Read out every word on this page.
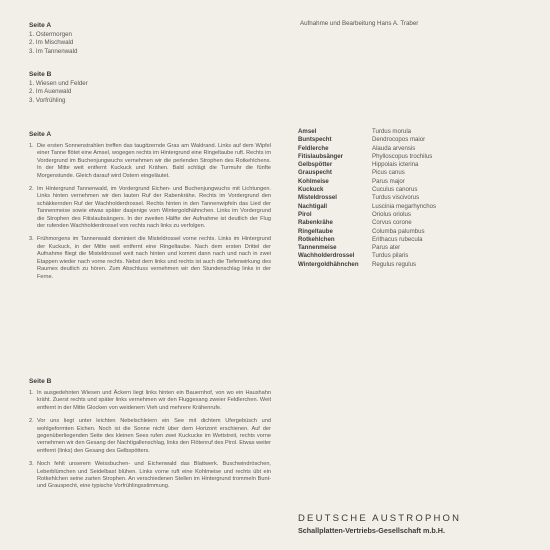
Aufnahme und Bearbeitung Hans A. Traber
Seite A
1. Ostermorgen
2. Im Mischwald
3. Im Tannenwald
Seite B
1. Wiesen und Felder
2. Im Auenwald
3. Vorfrühling
Seite A
1. Die ersten Sonnenstrahlen treffen das taugitzernde Gras am Waldrand. Links auf dem Wipfel einer Tanne flötet eine Amsel, wogegen rechts im Hintergrund eine Ringeltaube ruft. Rechts im Vordergrund im Buchenjungwuchs vernehmen wir die perlenden Strophen des Rotkehlchens. In der Mitte weit entfernt Kuckuck und Krähen. Bald schlägt die Turmuhr die fünfte Morgenstunde. Gleich darauf wird Ostern eingeläutet.
2. Im Hintergrund Tannenwald, im Vordergrund Eichen- und Buchenjungwuchs mit Lichtungen. Links hinten vernehmen wir den lauten Ruf der Rabenkrähe. Rechts im Vordergrund den schäkkernden Ruf der Wachholderdrossel. Rechts hinten in den Tannenwipfeln das Lied der Tannenmeise sowie etwas später dasjenige vom Wintergoldhähnchen. Links im Vordergrund die Strophen des Fitislaubsängers. In der zweiten Hälfte der Aufnahme ist deutlich der Flug der rufenden Wachholderdrossel von rechts nach links zu verfolgen.
3. Frühmorgens im Tannenwald dominiert die Misteldrossel vorne rechts. Links im Hintergrund der Kuckuck, in der Mitte weit entfernt eine Ringeltaube. Nach dem ersten Drittel der Aufnahme fliegt die Misteldrossel weit nach hinten und kommt dann nach und nach in zwei Etappen wieder nach vorne rechts. Nebst dem links und rechts ist auch die Tiefenwirkung des Raumes deutlich zu hören. Zum Abschluss vernehmen wir den Stundenschlag links in der Ferne.
Seite B
1. In ausgedehnten Wiesen und Äckern liegt links hinten ein Bauernhof, von wo ein Haushahn kräht. Zuerst rechts und später links vernehmen wir den Fluggesang zweier Feldlerchen. Weit entfernt in der Mitte Glocken von weidenem Vieh und mehrere Krähenrufe.
2. Vor uns liegt unter leichten Nebelschleiern ein See mit dichtem Ufergebüsch und wohlgeformten Eichen. Noch ist die Sonne nicht über dem Horizont erschienen. Auf der gegenüberliegenden Seite des kleinen Sees rufen zwei Kuckucke im Wettstreit, rechts vorne vernehmen wir den Gesang der Nachtigallenschlag, links den Flötenruf des Pirol. Etwas weiter entfernt (links) den Gesang des Gelbspötters.
3. Noch fehlt unserem Weissbuchen- und Eichenwald das Blattwerk. Buschwindröschen, Leberblümchen und Seidelbast blühen. Links vorne ruft eine Kohlmeise und rechts übt ein Rotkehlchen seine zarten Strophen. An verschiedenen Stellen im Hintergrund trommeln Bunt- und Grauspecht, eine typische Vorfrühlingsstimmung.
Amsel	Turdus morula
Buntspecht	Dendrocopos maior
Feldlerche	Alauda arvensis
Fitislaubsänger	Phylloscopus trochilus
Gelbspötter	Hippolais icterina
Grauspecht	Picus canus
Kohlmeise	Parus major
Kuckuck	Cuculus canorus
Misteldrossel	Turdus viscivorus
Nachtigall	Luscinia megarhynchos
Pirol	Oriolus oriolus
Rabenkrähe	Corvus corone
Ringeltaube	Columba palumbus
Rotkehlchen	Erithacus rubecula
Tannenmeise	Parus ater
Wachholderdrossel	Turdus pilaris
Wintergoldhähnchen	Regulus regulus
DEUTSCHE AUSTROPHON
Schallplatten-Vertriebs-Gesellschaft m.b.H.
